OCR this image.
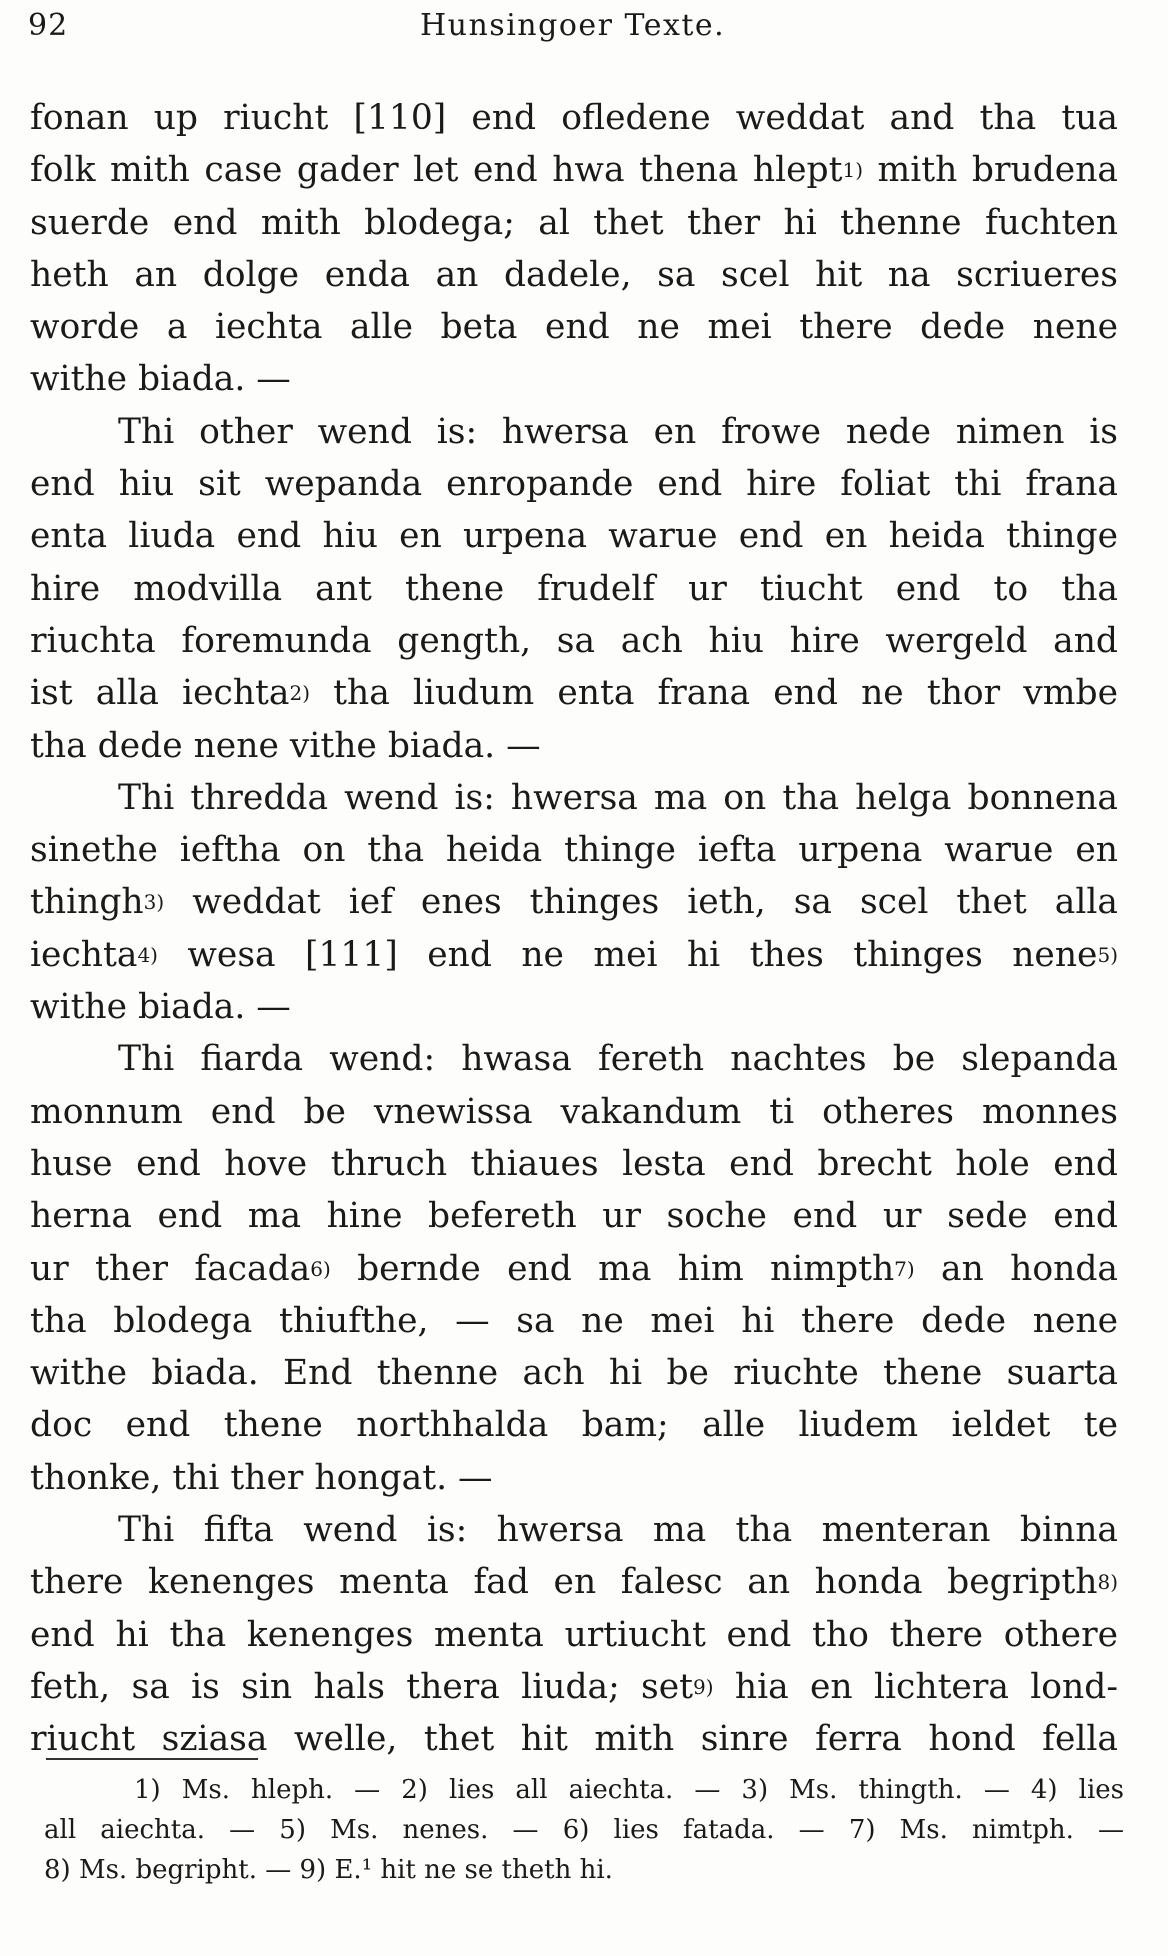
92	Hunsingoer Texte.
fonan up riucht [110] end ofledene weddat and tha tua
folk mith case gader let end hwa thena hlept$^{1)}$ mith brudena
suerde end mith blodega; al thet ther hi thenne fuchten
heth an dolge enda an dadele, sa scel hit na scriueres
worde a iechta alle beta end ne mei there dede nene
withe biada. —
Thi other wend is: hwersa en frowe nede nimen is
end hiu sit wepanda enropande end hire foliat thi frana
enta liuda end hiu en urpena warue end en heida thinge
hire modvilla ant thene frudelf ur tiucht end to tha
riuchta foremunda gength, sa ach hiu hire wergeld and
ist alla iechta$^{2)}$ tha liudum enta frana end ne thor vmbe
tha dede nene vithe biada. —
Thi thredda wend is: hwersa ma on tha helga bonnena
sinethe iefthа on tha heida thinge iefta urpena warue en
thingh$^{3)}$ weddat ief enes thinges ieth, sa scel thet alla
iechta$^{4)}$ wesa [111] end ne mei hi thes thinges nene$^{5)}$
withe biada. —
Thi fiarda wend: hwasa fereth nachtes be slepanda
monnum end be vnewissa vakandum ti otheres monnes
huse end hove thruch thiaues lesta end brecht hole end
herna end ma hine befereth ur soche end ur sede end
ur ther facada$^{6)}$ bernde end ma him nimpth$^{7)}$ an honda
tha blodega thiufthe, — sa ne mei hi there dede nene
withe biada. End thenne ach hi be riuchte thene suarta
doc end thene northhalda bam; alle liudem ieldet te
thonke, thi ther hongat. —
Thi fifta wend is: hwersa ma tha menteran binna
there kenenges menta fad en falesc an honda begripth$^{8)}$
end hi tha kenenges menta urtiucht end tho there othere
feth, sa is sin hals thera liuda; set$^{9)}$ hia en lichtera lond-
riucht sziasa welle, thet hit mith sinre ferra hond fella
1) Ms. hleph. — 2) lies all aiechta. — 3) Ms. thingth. — 4) lies
all aiechta. — 5) Ms. nenes. — 6) lies fatada. — 7) Ms. nimtph. —
8) Ms. begripht. — 9) E.¹ hit ne se theth hi.
